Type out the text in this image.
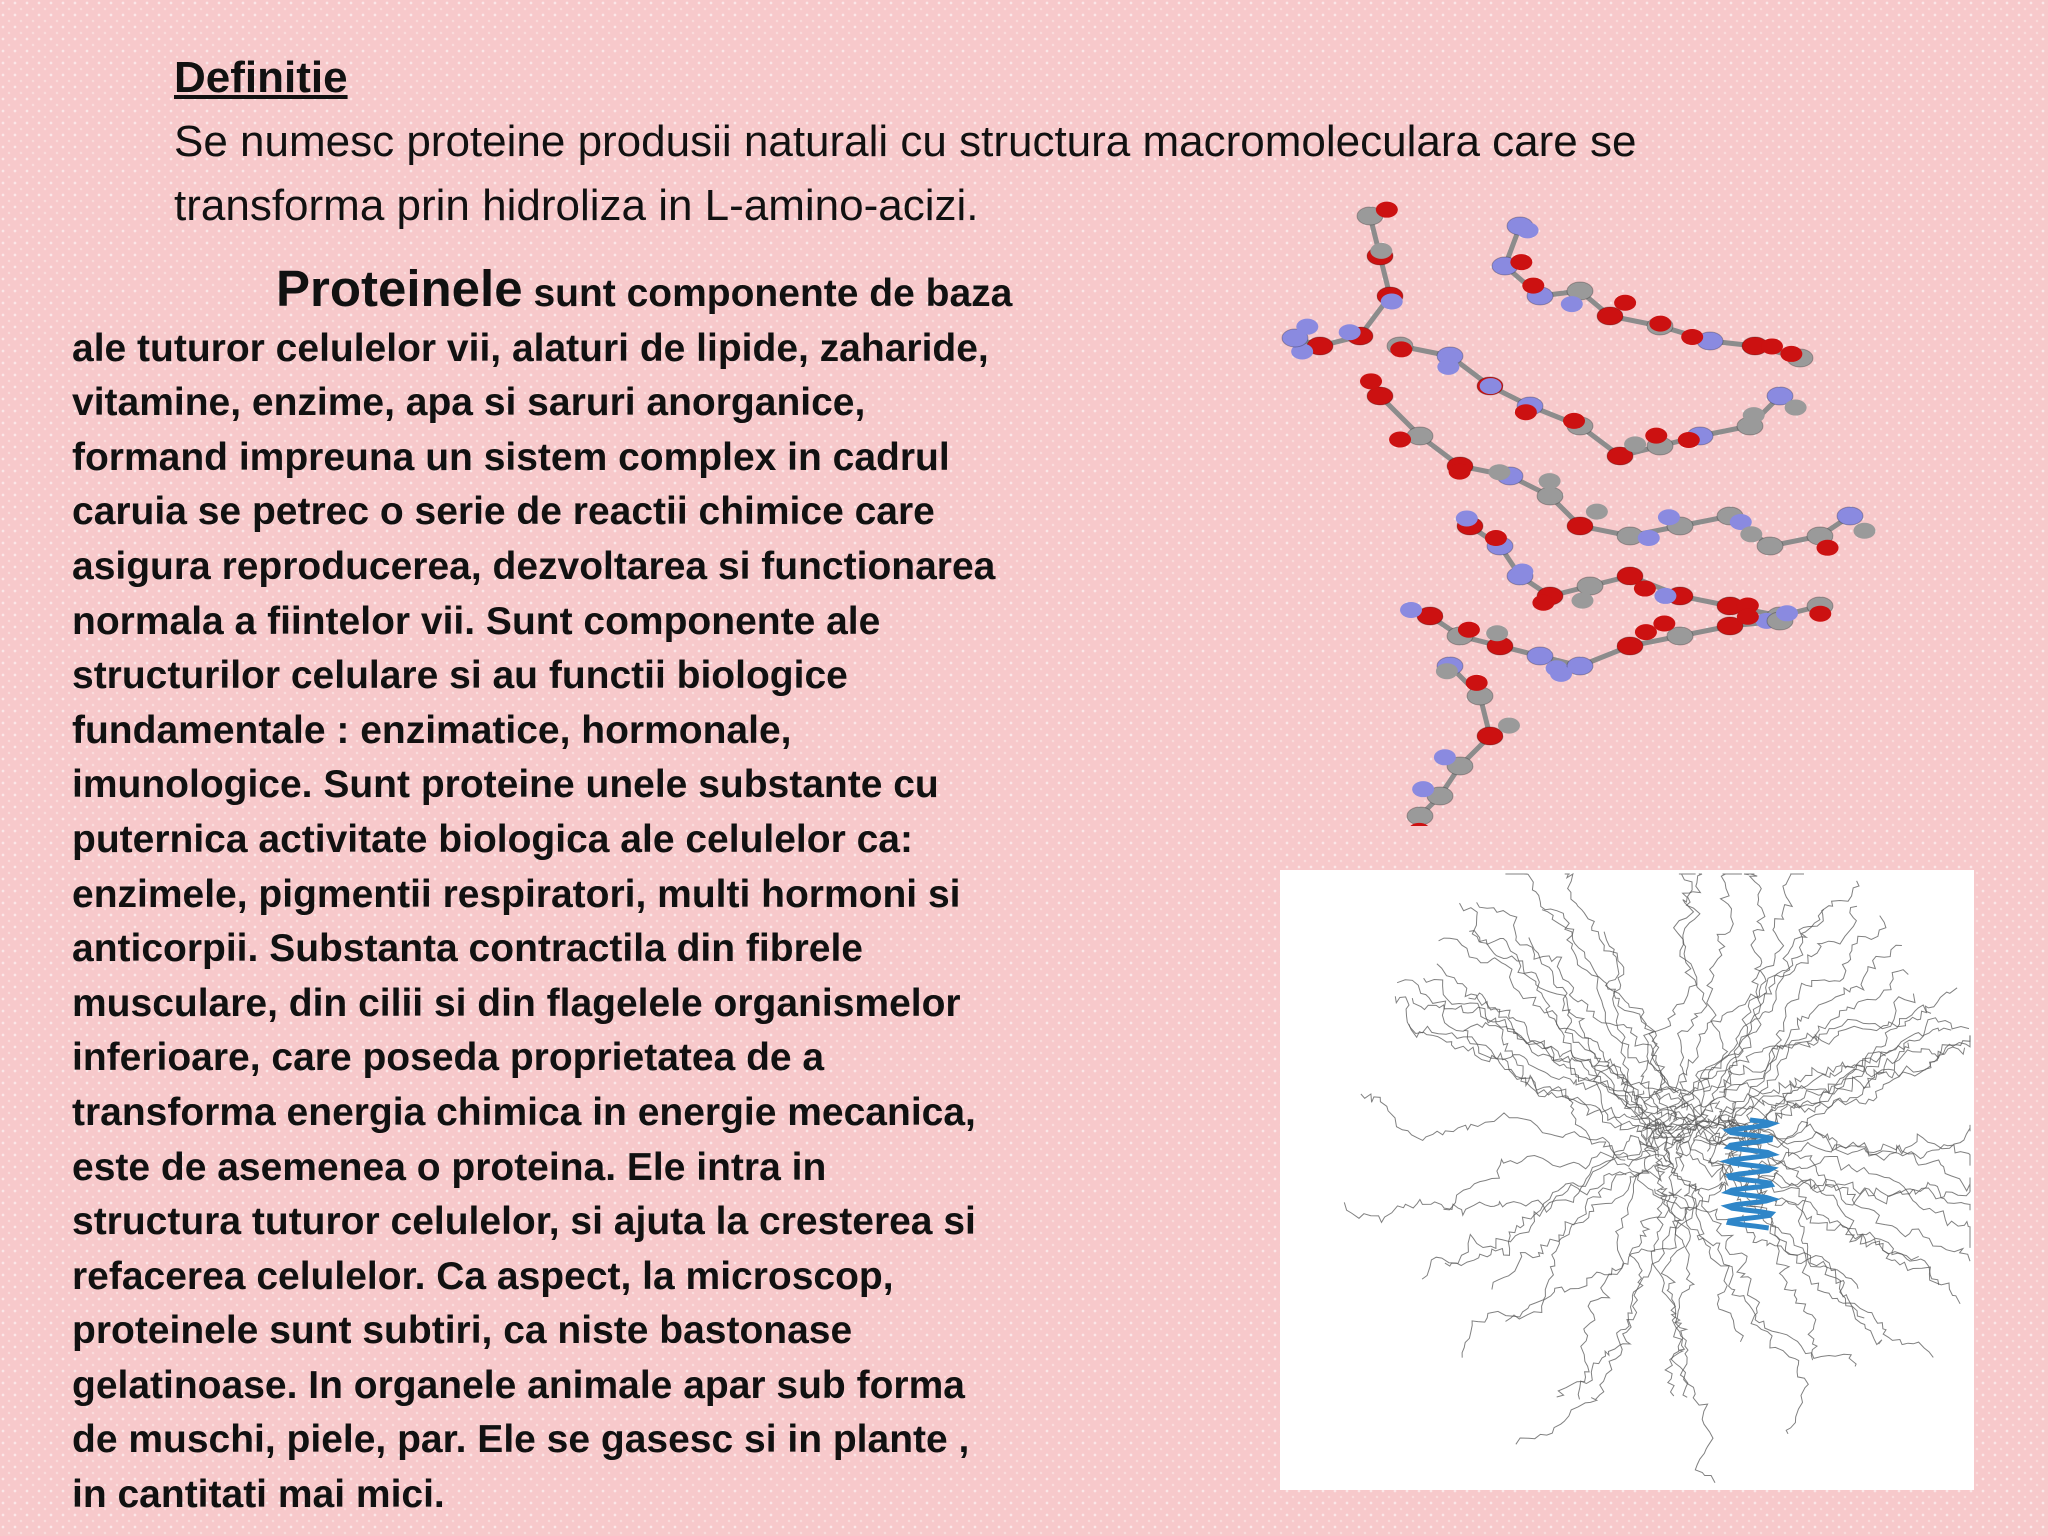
Definitie
Se numesc proteine produsii naturali cu structura macromoleculara care se
transforma prin hidroliza in L-amino-acizi.
Proteinele sunt componente de baza
ale tuturor celulelor vii, alaturi de lipide, zaharide,
vitamine, enzime, apa si saruri anorganice,
formand impreuna un sistem complex in cadrul
caruia se petrec o serie de reactii chimice care
asigura reproducerea, dezvoltarea si functionarea
normala a fiintelor vii. Sunt componente ale
structurilor celulare si au functii biologice
fundamentale : enzimatice, hormonale,
imunologice. Sunt proteine unele substante cu
puternica activitate biologica ale celulelor ca:
enzimele, pigmentii respiratori, multi hormoni si
anticorpii. Substanta contractila din fibrele
musculare, din cilii si din flagelele organismelor
inferioare, care poseda proprietatea de a
transforma energia chimica in energie mecanica,
este de asemenea o proteina. Ele intra in
structura tuturor celulelor, si ajuta la cresterea si
refacerea celulelor. Ca aspect, la microscop,
proteinele sunt subtiri, ca niste bastonase
gelatinoase. In organele animale apar sub forma
de muschi, piele, par. Ele se gasesc si in plante ,
in cantitati mai mici.
